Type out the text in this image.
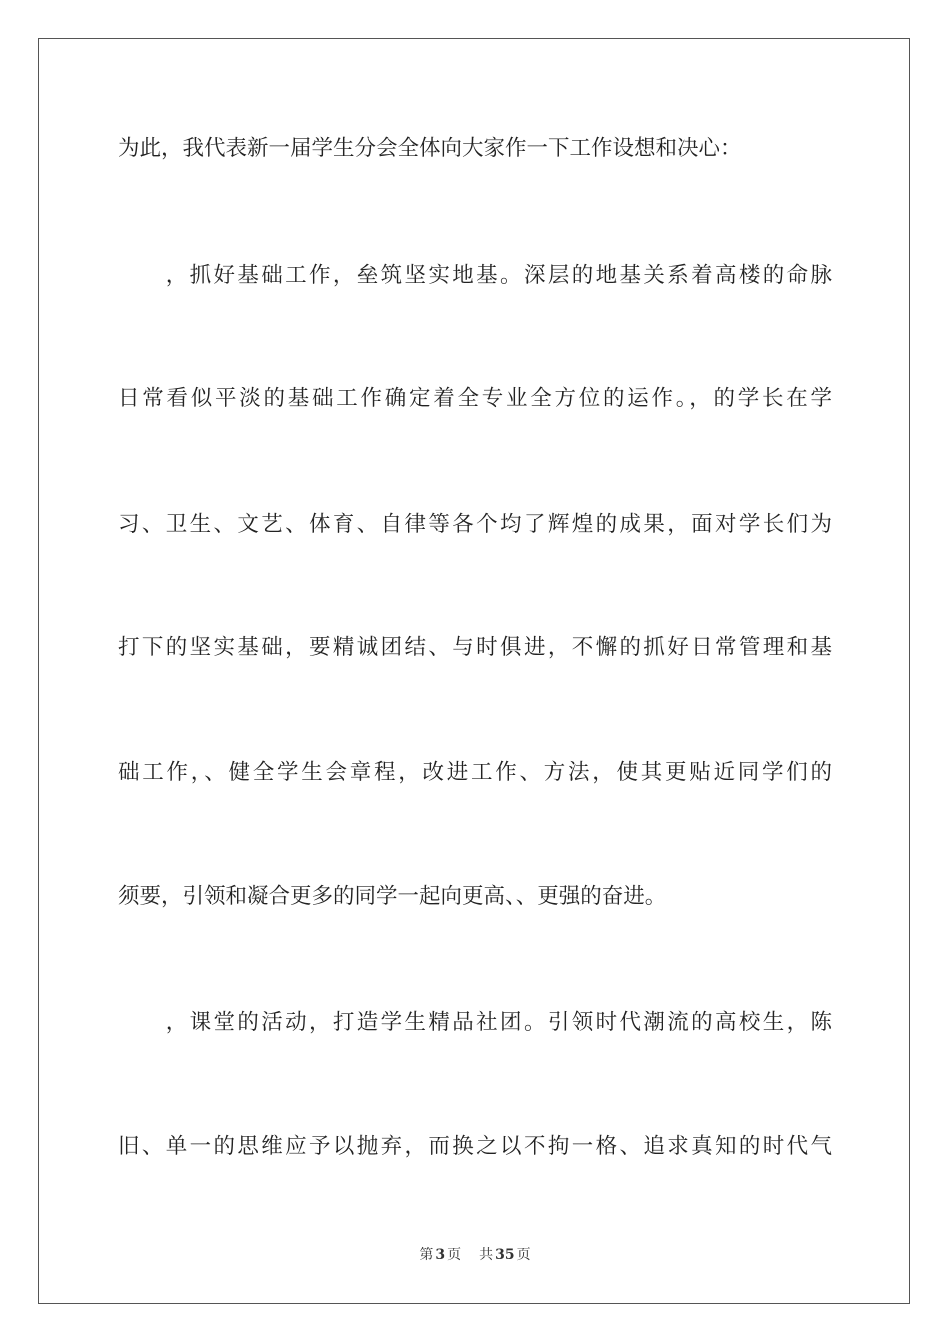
为此，我代表新一届学生分会全体向大家作一下工作设想和决心：
　　，抓好基础工作，垒筑坚实地基。深层的地基关系着高楼的命脉
日常看似平淡的基础工作确定着全专业全方位的运作。，的学长在学
习、卫生、文艺、体育、自律等各个均了辉煌的成果，面对学长们为
打下的坚实基础，要精诚团结、与时俱进，不懈的抓好日常管理和基
础工作，、健全学生会章程，改进工作、方法，使其更贴近同学们的
须要，引领和凝合更多的同学一起向更高、、更强的奋进。
　　，课堂的活动，打造学生精品社团。引领时代潮流的高校生，陈
旧、单一的思维应予以抛弃，而换之以不拘一格、追求真知的时代气
第 3 页 共 35 页
